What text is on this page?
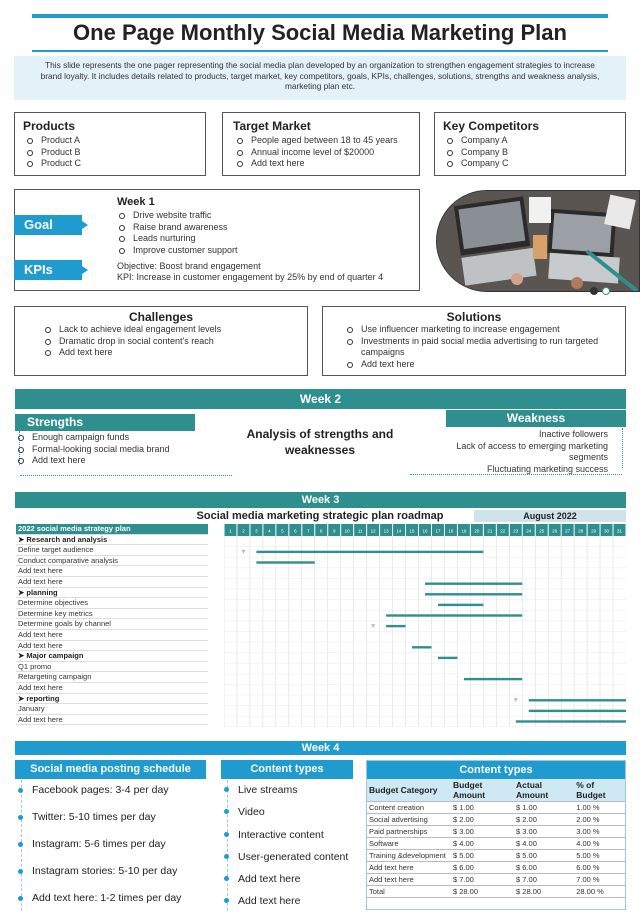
One Page Monthly Social Media Marketing Plan
This slide represents the one pager representing the social media plan developed by an organization to strengthen engagement strategies to increase brand loyalty. It includes details related to products, target market, key competitors, goals, KPIs, challenges, solutions, strengths and weakness analysis, marketing plan etc.
Products
Product A
Product B
Product C
Target Market
People aged between 18 to 45 years
Annual income level of $20000
Add text here
Key Competitors
Company A
Company B
Company C
Week 1
Drive website traffic
Raise brand awareness
Leads nurturing
Improve customer support
Objective: Boost brand engagement
KPI: Increase in customer engagement by 25% by end of quarter 4
Goal
KPIs
Challenges
Lack to achieve ideal engagement levels
Dramatic drop in social content's reach
Add text here
Solutions
Use influencer marketing to increase engagement
Investments in paid social media advertising to run targeted campaigns
Add text here
Week 2
Strengths
Enough campaign funds
Formal-looking social media brand
Add text here
Analysis of strengths and weaknesses
Weakness
Inactive followers
Lack of access to emerging marketing segments
Fluctuating marketing success
Week 3
Social media marketing strategic plan roadmap	August 2022
2022 social media strategy plan
➤ Research and analysis
Define target audience
Conduct comparative analysis
Add text here
Add text here
➤ planning
Determine objectives
Determine key metrics
Determine goals by channel
Add text here
Add text here
➤ Major campaign
Q1 promo
Retargeting campaign
Add text here
➤ reporting
January
Add text here
1 2 3 4 5 6 7 8 9 10 11 12 13 14 15 16 17 18 19 20 21 22 23 24 25 26 27 28 29 30 31
Week 4
Social media posting schedule
Facebook pages: 3-4 per day
Twitter: 5-10 times per day
Instagram: 5-6 times per day
Instagram stories: 5-10 per day
Add text here: 1-2 times per day
Content types
Live streams
Video
Interactive content
User-generated content
Add text here
Add text here
Content types
Budget Category	Budget Amount	Actual Amount	% of Budget
Content creation	$ 1.00	$ 1.00	1.00 %
Social advertising	$ 2.00	$ 2.00	2.00 %
Paid partnerships	$ 3.00	$ 3.00	3.00 %
Software	$ 4.00	$ 4.00	4.00 %
Training &development	$ 5.00	$ 5.00	5.00 %
Add text here	$ 6.00	$ 6.00	6.00 %
Add text here	$ 7.00	$ 7.00	7.00 %
Total	$ 28.00	$ 28.00	28.00 %
